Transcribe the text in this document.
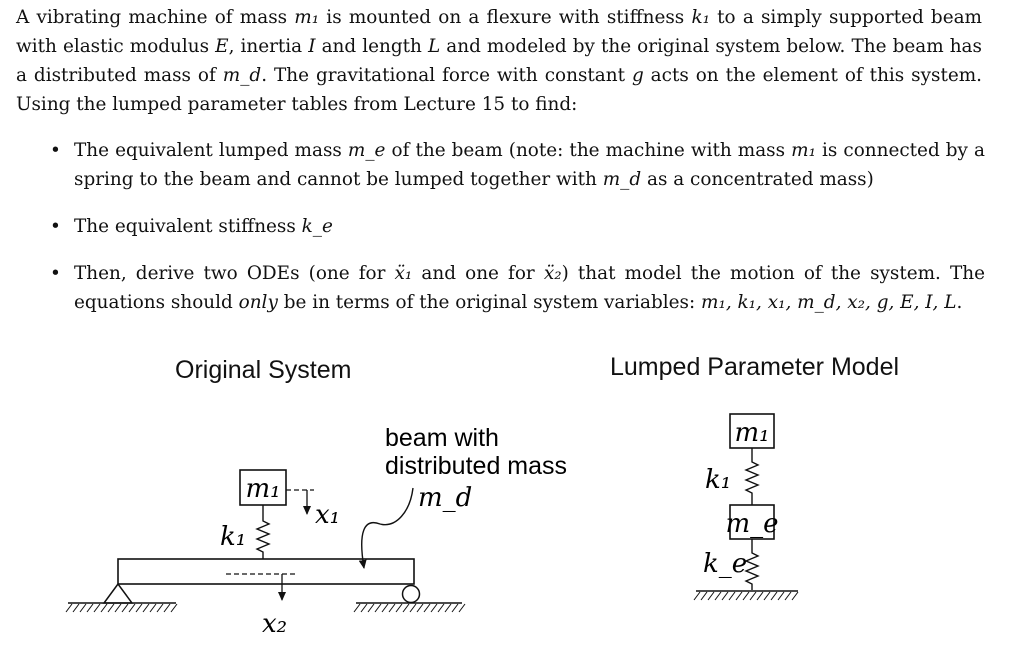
A vibrating machine of mass m₁ is mounted on a flexure with stiffness k₁ to a simply supported beam with elastic modulus E, inertia I and length L and modeled by the original system below. The beam has a distributed mass of m_d. The gravitational force with constant g acts on the element of this system. Using the lumped parameter tables from Lecture 15 to find:
• The equivalent lumped mass m_e of the beam (note: the machine with mass m₁ is connected by a spring to the beam and cannot be lumped together with m_d as a concentrated mass)
• The equivalent stiffness k_e
• Then, derive two ODEs (one for ẍ₁ and one for ẍ₂) that model the motion of the system. The equations should only be in terms of the original system variables: m₁, k₁, x₁, m_d, x₂, g, E, I, L.
Original System	Lumped Parameter Model
m₁
k₁
x₁
x₂
beam with
distributed mass
m_d
m₁
k₁
m_e
k_e
